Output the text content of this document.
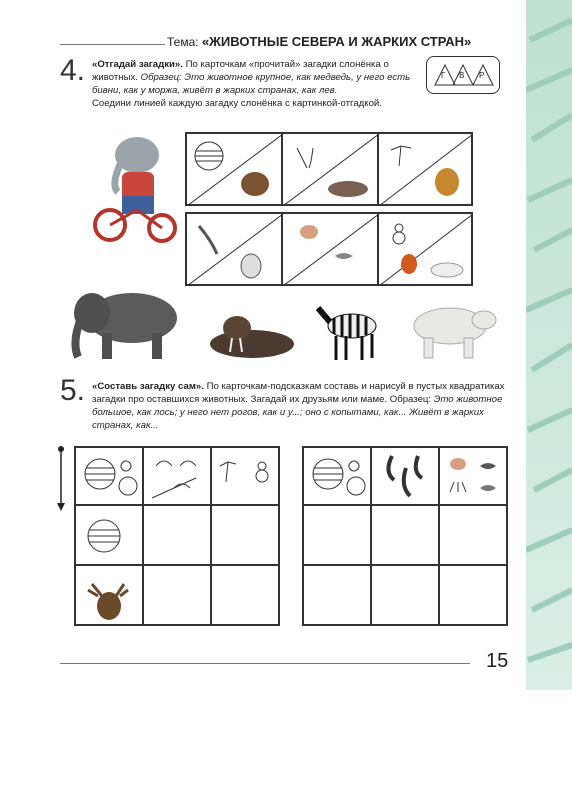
Тема: «ЖИВОТНЫЕ СЕВЕРА И ЖАРКИХ СТРАН»
4. «Отгадай загадки». По карточкам «прочитай» загадки слонёнка о животных. Образец: Это животное крупное, как медведь, у него есть бивни, как у моржа, живёт в жарких странах, как лев.
Соедини линией каждую загадку слонёнка с картинкой-отгадкой.
Г В Р
5. «Составь загадку сам». По карточкам-подсказкам составь и нарисуй в пустых квадратиках загадки про оставшихся животных. Загадай их друзьям или маме. Образец: Это животное большое, как лось; у него нет рогов, как и у...; оно с копытами, как... Живёт в жарких странах, как...
15
